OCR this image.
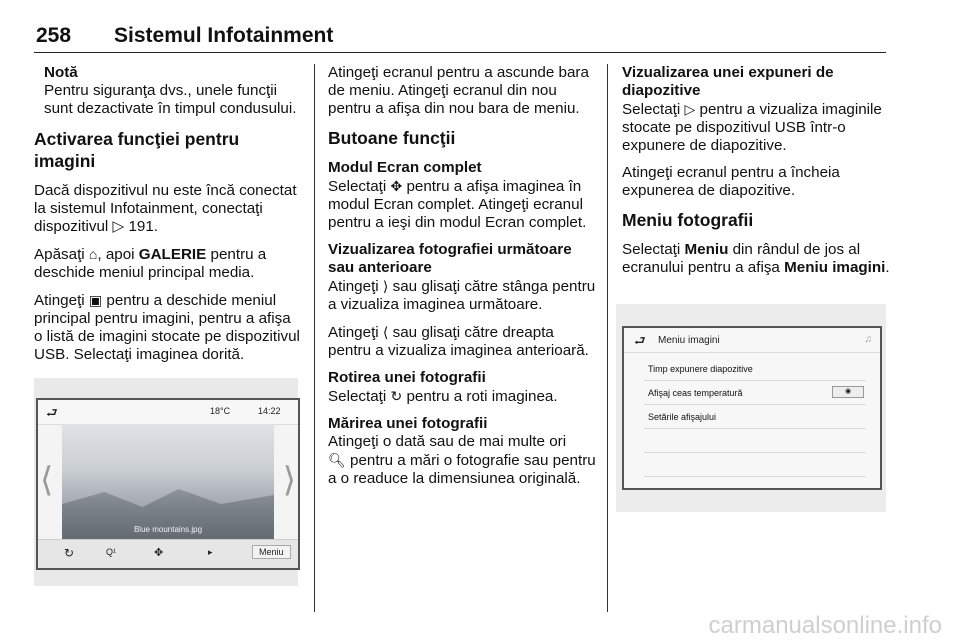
258 Sistemul Infotainment
Notă
Pentru siguranţa dvs., unele funcţii sunt dezactivate în timpul condusului.
Activarea funcţiei pentru imagini

Dacă dispozitivul nu este încă conectat la sistemul Infotainment, conectaţi dispozitivul ▷ 191.

Apăsaţi ⌂, apoi GALERIE pentru a deschide meniul principal media.

Atingeţi ▣ pentru a deschide meniul principal pentru imagini, pentru a afişa o listă de imagini stocate pe dispozitivul USB. Selectaţi imaginea dorită.

⮐	18°C	14:22
Blue mountains.jpg
⟨	⟩
↻	Q¹	✥	▸	Meniu

Atingeţi ecranul pentru a ascunde bara de meniu. Atingeţi ecranul din nou pentru a afişa din nou bara de meniu.

Butoane funcţii

Modul Ecran complet
Selectaţi ✥ pentru a afişa imaginea în modul Ecran complet. Atingeţi ecranul pentru a ieşi din modul Ecran complet.

Vizualizarea fotografiei următoare sau anterioare
Atingeţi ⟩ sau glisaţi către stânga pentru a vizualiza imaginea următoare.

Atingeţi ⟨ sau glisaţi către dreapta pentru a vizualiza imaginea anterioară.

Rotirea unei fotografii
Selectaţi ↻ pentru a roti imaginea.

Mărirea unei fotografii
Atingeţi o dată sau de mai multe ori
🔍︎ pentru a mări o fotografie sau pentru a o readuce la dimensiunea originală.

Vizualizarea unei expuneri de diapozitive
Selectaţi ▷ pentru a vizualiza imaginile stocate pe dispozitivul USB într-o expunere de diapozitive.

Atingeţi ecranul pentru a încheia expunerea de diapozitive.

Meniu fotografii

Selectaţi Meniu din rândul de jos al ecranului pentru a afişa Meniu imagini.

⮐ Meniu imagini	♫
Timp expunere diapozitive
Afişaj ceas temperatură	◉
Setările afişajului
carmanualsonline.info
